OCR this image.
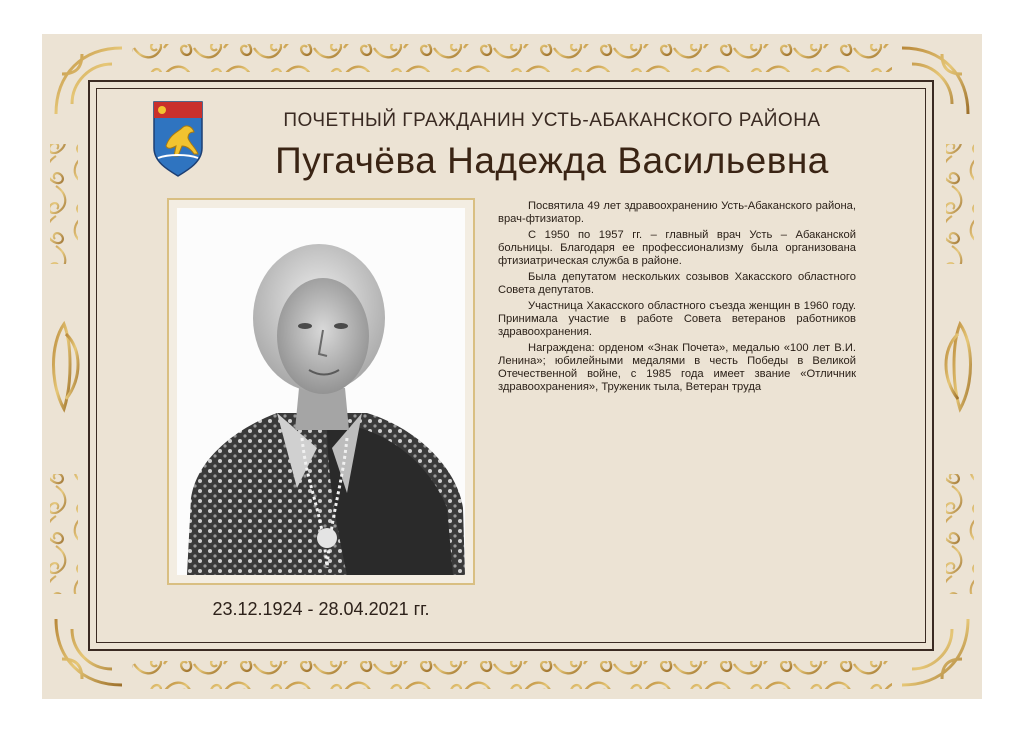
ПОЧЕТНЫЙ ГРАЖДАНИН УСТЬ-АБАКАНСКОГО РАЙОНА
Пугачёва Надежда Васильевна
23.12.1924 - 28.04.2021 гг.

Посвятила 49 лет здравоохранению Усть-Абаканского района, врач-фтизиатор.

С 1950 по 1957 гг. – главный врач Усть – Абаканской больницы. Благодаря ее профессионализму была организована фтизиатрическая служба в районе.

Была депутатом нескольких созывов Хакасского областного Совета депутатов.

Участница Хакасского областного съезда женщин в 1960 году. Принимала участие в работе Совета ветеранов работников здравоохранения.

Награждена: орденом «Знак Почета», медалью «100 лет В.И. Ленина»; юбилейными медалями в честь Победы в Великой Отечественной войне, с 1985 года имеет звание «Отличник здравоохранения», Труженик тыла, Ветеран труда
